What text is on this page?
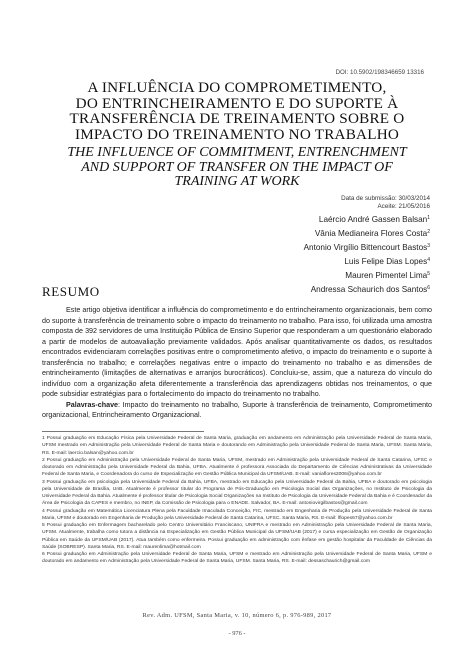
DOI: 10.5902/198346659 13316
A INFLUÊNCIA DO COMPROMETIMENTO,
DO ENTRINCHEIRAMENTO E DO SUPORTE À
TRANSFERÊNCIA DE TREINAMENTO SOBRE O
IMPACTO DO TREINAMENTO NO TRABALHO
THE INFLUENCE OF COMMITMENT, ENTRENCHMENT
AND SUPPORT OF TRANSFER ON THE IMPACT OF
TRAINING AT WORK
Data de submissão: 30/03/2014
Aceite: 21/05/2016
Laércio André Gassen Balsan$^1$
Vânia Medianeira Flores Costa$^2$
Antonio Virgílio Bittencourt Bastos$^3$
Luis Felipe Dias Lopes$^4$
Mauren Pimentel Lima$^5$
Andressa Schaurich dos Santos$^6$
RESUMO

Este artigo objetiva identificar a influência do comprometimento e do entrincheiramento organizacionais, bem como do suporte à transferência de treinamento sobre o impacto do treinamento no trabalho. Para isso, foi utilizada uma amostra composta de 392 servidores de uma Instituição Pública de Ensino Superior que responderam a um questionário elaborado a partir de modelos de autoavaliação previamente validados. Após analisar quantitativamente os dados, os resultados encontrados evidenciaram correlações positivas entre o comprometimento afetivo, o impacto do treinamento e o suporte à transferência no trabalho; e correlações negativas entre o impacto do treinamento no trabalho e as dimensões de entrincheiramento (limitações de alternativas e arranjos burocráticos). Concluiu-se, assim, que a natureza do vínculo do indivíduo com a organização afeta diferentemente a transferência das aprendizagens obtidas nos treinamentos, o que pode subsidiar estratégias para o fortalecimento do impacto do treinamento no trabalho.

Palavras-chave: Impacto do treinamento no trabalho, Suporte à transferência de treinamento, Comprometimento organizacional, Entrincheiramento Organizacional.

1 Possui graduação em Educação Física pela Universidade Federal de Santa Maria, graduação em andamento em Administração pela Universidade Federal de Santa Maria, UFSM mestrado em Administração pela Universidade Federal de Santa Maria e doutorando em Administração pela Universidade Federal de Santa Maria, UFSM. Santa Maria, RS. E-mail: laercio.balsan@yahoo.com.br

2 Possui graduação em Administração pela Universidade Federal de Santa Maria, UFSM, mestrado em Administração pela Universidade Federal de Santa Catarina, UFSC e doutorado em Administração pela Universidade Federal da Bahia, UFBA. Atualmente é professora Associada do Departamento de Ciências Administrativas da Universidade Federal de Santa Maria, e Coordenadora do curso de Especialização em Gestão Pública Municipal da UFSM/UAB. E-mail: vaniaflores2006@yahoo.com.br

3 Possui graduação em psicologia pela Universidade Federal da Bahia, UFBA, mestrado em Educação pela Universidade Federal da Bahia, UFBA e doutorado em psicologia pela Universidade de Brasília, UnB. Atualmente é professor titular do Programa de Pós-Graduação em Psicologia Social das Organizações, no Instituto de Psicologia da Universidade Federal da Bahia. Atualmente é professor titular de Psicologia Social Organizações na Instituto de Psicologia da Universidade Federal da Bahia e é Coordenador da Área de Psicologia da CAPES e membro, no INEP, da Comissão de Psicologia para o ENADE. Salvador, BA. E-mail: antoniovirgilbastos@gmail.com

4 Possui graduação em Matemática Licenciatura Plena pela Faculdade Imaculada Conceição, FIC, mestrado em Engenharia de Produção pela Universidade Federal de Santa Maria, UFSM e doutorado em Engenharia de Produção pela Universidade Federal de Santa Catarina, UFSC. Santa Maria, RS. E-mail: lflopes67@yahoo.com.br

5 Possui graduação em Enfermagem bacharelado pelo Centro Universitário Franciscano, UNIFRA e mestrado em Administração pela Universidade Federal de Santa Maria, UFSM. Atualmente, trabalha como tutora a distância na Especialização em Gestão Pública Municipal da UFSM/UAB (2017) e cursa especialização em Gestão de Organização Pública em Saúde da UFSM/UAB (2017). Atua também como enfermeira. Possui graduação em administração com ênfase em gestão hospitalar da Faculdade de Ciências da Saúde (SOBRESP). Santa Maria, RS. E-mail: maurenlima@hotmail.com

6 Possui graduação em Administração pela Universidade Federal de Santa Maria, UFSM e mestrado em Administração pela Universidade Federal de Santa Maria, UFSM e doutorado em andamento em Administração pela Universidade Federal de Santa Maria, UFSM. Santa Maria, RS. E-mail: dessaschaurich@gmail.com

Rev. Adm. UFSM, Santa Maria, v. 10, número 6, p. 976-989, 2017
- 976 -
